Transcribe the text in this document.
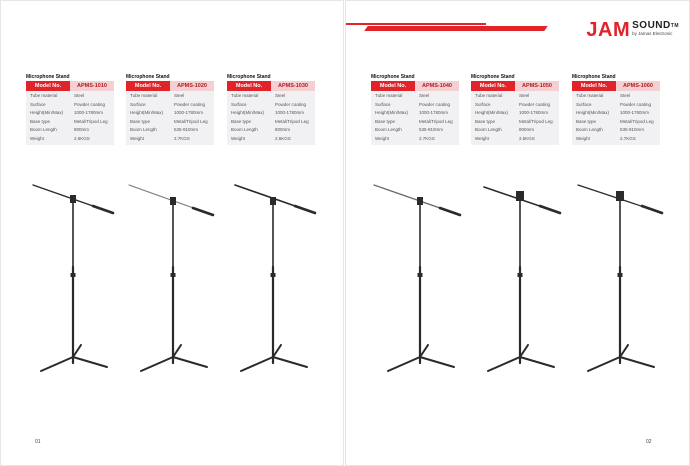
Microphone Stand
Model No.	APMS-1010
Tube material	Steel
Surface	Powder coating
Height(Min/Max)	1000-1780mm
Base type	Metal/Tripod Leg
Boom Length	800mm
Weight	2.5KGS
Microphone Stand
Model No.	APMS-1020
Tube material	Steel
Surface	Powder coating
Height(Min/Max)	1000-1780mm
Base type	Metal/Tripod Leg
Boom Length	535-910mm
Weight	2.7KGS
Microphone Stand
Model No.	APMS-1030
Tube material	Steel
Surface	Powder coating
Height(Min/Max)	1000-1780mm
Base type	Metal/Tripod Leg
Boom Length	800mm
Weight	2.5KGS
01
JAM SOUND™
by Jamas Electronic
Microphone Stand
Model No.	APMS-1040
Tube material	Steel
Surface	Powder coating
Height(Min/Max)	1000-1780mm
Base type	Metal/Tripod Leg
Boom Length	535-910mm
Weight	2.7KGS
Microphone Stand
Model No.	APMS-1050
Tube material	Steel
Surface	Powder coating
Height(Min/Max)	1000-1780mm
Base type	Metal/Tripod Leg
Boom Length	800mm
Weight	2.5KGS
Microphone Stand
Model No.	APMS-1060
Tube material	Steel
Surface	Powder coating
Height(Min/Max)	1000-1780mm
Base type	Metal/Tripod Leg
Boom Length	535-910mm
Weight	2.7KGS
02
